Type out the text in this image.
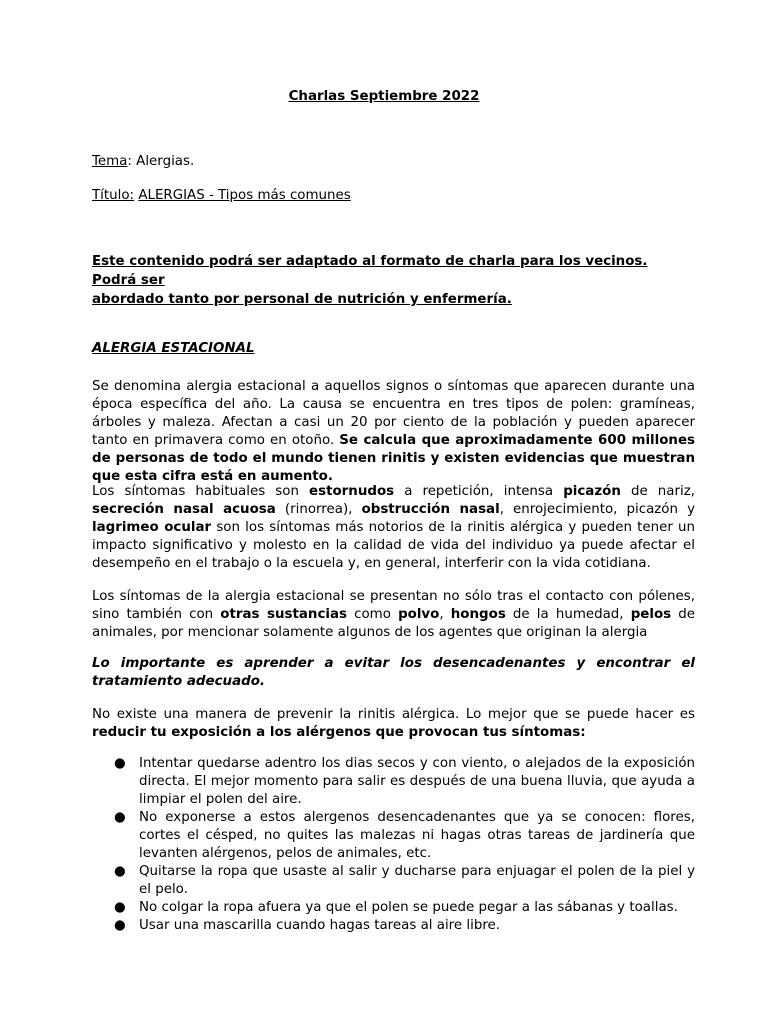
Charlas Septiembre 2022

Tema: Alergias.

Título: ALERGIAS - Tipos más comunes

Este contenido podrá ser adaptado al formato de charla para los vecinos. Podrá ser
abordado tanto por personal de nutrición y enfermería.

ALERGIA ESTACIONAL

Se denomina alergia estacional a aquellos signos o síntomas que aparecen durante una época específica del año. La causa se encuentra en tres tipos de polen: gramíneas, árboles y maleza. Afectan a casi un 20 por ciento de la población y pueden aparecer tanto en primavera como en otoño. Se calcula que aproximadamente 600 millones de personas de todo el mundo tienen rinitis y existen evidencias que muestran que esta cifra está en aumento.

Los síntomas habituales son estornudos a repetición, intensa picazón de nariz, secreción nasal acuosa (rinorrea), obstrucción nasal, enrojecimiento, picazón y lagrimeo ocular son los síntomas más notorios de la rinitis alérgica y pueden tener un impacto significativo y molesto en la calidad de vida del individuo ya puede afectar el desempeño en el trabajo o la escuela y, en general, interferir con la vida cotidiana.

Los síntomas de la alergia estacional se presentan no sólo tras el contacto con pólenes, sino también con otras sustancias como polvo, hongos de la humedad, pelos de animales, por mencionar solamente algunos de los agentes que originan la alergia

Lo importante es aprender a evitar los desencadenantes y encontrar el tratamiento adecuado.

No existe una manera de prevenir la rinitis alérgica. Lo mejor que se puede hacer es reducir tu exposición a los alérgenos que provocan tus síntomas:

● Intentar quedarse adentro los dias secos y con viento, o alejados de la exposición directa. El mejor momento para salir es después de una buena lluvia, que ayuda a limpiar el polen del aire.
● No exponerse a estos alergenos desencadenantes que ya se conocen: flores, cortes el césped, no quites las malezas ni hagas otras tareas de jardinería que levanten alérgenos, pelos de animales, etc.
● Quitarse la ropa que usaste al salir y ducharse para enjuagar el polen de la piel y el pelo.
● No colgar la ropa afuera ya que el polen se puede pegar a las sábanas y toallas.
● Usar una mascarilla cuando hagas tareas al aire libre.
